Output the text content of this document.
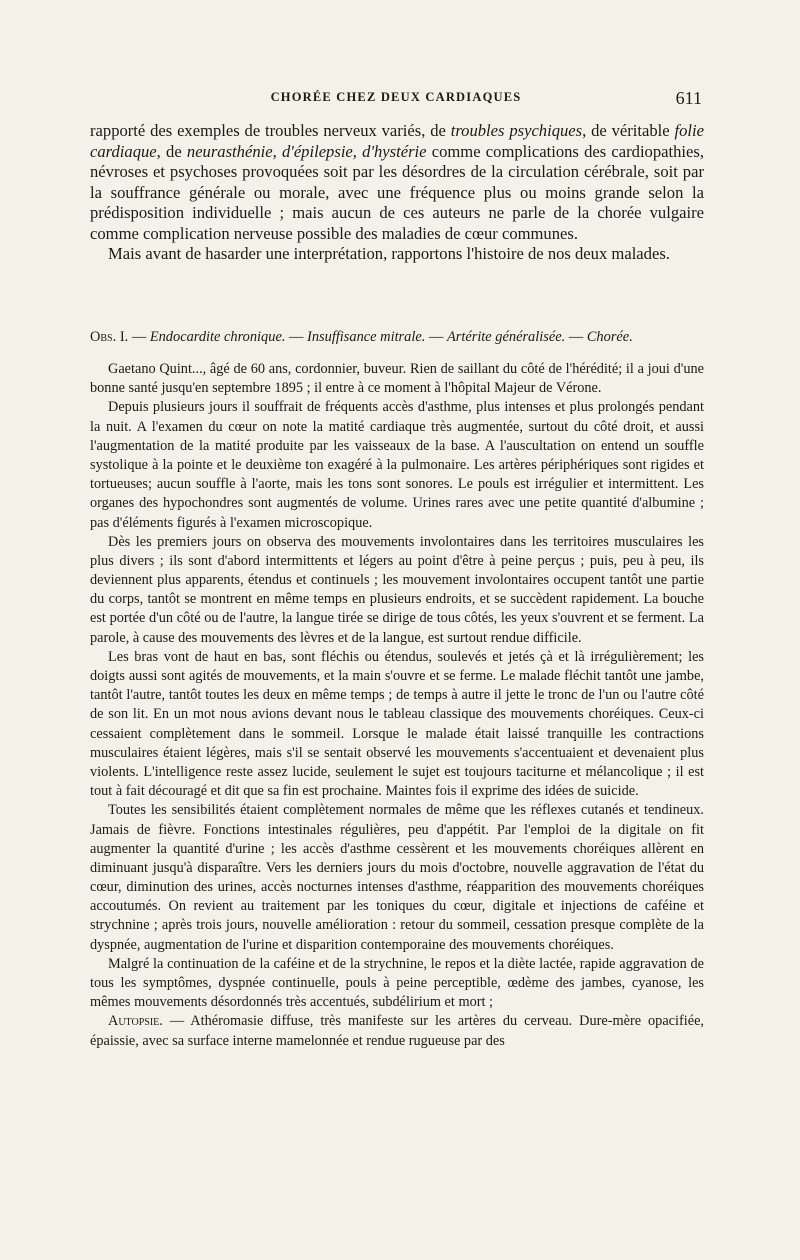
CHORÉE CHEZ DEUX CARDIAQUES	611

rapporté des exemples de troubles nerveux variés, de troubles psychiques, de véritable folie cardiaque, de neurasthénie, d'épilepsie, d'hystérie comme complications des cardiopathies, névroses et psychoses provoquées soit par les désordres de la circulation cérébrale, soit par la souffrance générale ou morale, avec une fréquence plus ou moins grande selon la prédisposition individuelle ; mais aucun de ces auteurs ne parle de la chorée vulgaire comme complication nerveuse possible des maladies de cœur communes.

Mais avant de hasarder une interprétation, rapportons l'histoire de nos deux malades.

Obs. I. — Endocardite chronique. — Insuffisance mitrale. — Artérite généralisée. — Chorée.

Gaetano Quint..., âgé de 60 ans, cordonnier, buveur. Rien de saillant du côté de l'hérédité; il a joui d'une bonne santé jusqu'en septembre 1895 ; il entre à ce moment à l'hôpital Majeur de Vérone.

Depuis plusieurs jours il souffrait de fréquents accès d'asthme, plus intenses et plus prolongés pendant la nuit. A l'examen du cœur on note la matité cardiaque très augmentée, surtout du côté droit, et aussi l'augmentation de la matité produite par les vaisseaux de la base. A l'auscultation on entend un souffle systolique à la pointe et le deuxième ton exagéré à la pulmonaire. Les artères périphériques sont rigides et tortueuses; aucun souffle à l'aorte, mais les tons sont sonores. Le pouls est irrégulier et intermittent. Les organes des hypochondres sont augmentés de volume. Urines rares avec une petite quantité d'albumine ; pas d'éléments figurés à l'examen microscopique.

Dès les premiers jours on observa des mouvements involontaires dans les territoires musculaires les plus divers ; ils sont d'abord intermittents et légers au point d'être à peine perçus ; puis, peu à peu, ils deviennent plus apparents, étendus et continuels ; les mouvement involontaires occupent tantôt une partie du corps, tantôt se montrent en même temps en plusieurs endroits, et se succèdent rapidement. La bouche est portée d'un côté ou de l'autre, la langue tirée se dirige de tous côtés, les yeux s'ouvrent et se ferment. La parole, à cause des mouvements des lèvres et de la langue, est surtout rendue difficile.

Les bras vont de haut en bas, sont fléchis ou étendus, soulevés et jetés çà et là irrégulièrement; les doigts aussi sont agités de mouvements, et la main s'ouvre et se ferme. Le malade fléchit tantôt une jambe, tantôt l'autre, tantôt toutes les deux en même temps ; de temps à autre il jette le tronc de l'un ou l'autre côté de son lit. En un mot nous avions devant nous le tableau classique des mouvements choréiques. Ceux-ci cessaient complètement dans le sommeil. Lorsque le malade était laissé tranquille les contractions musculaires étaient légères, mais s'il se sentait observé les mouvements s'accentuaient et devenaient plus violents. L'intelligence reste assez lucide, seulement le sujet est toujours taciturne et mélancolique ; il est tout à fait découragé et dit que sa fin est prochaine. Maintes fois il exprime des idées de suicide.

Toutes les sensibilités étaient complètement normales de même que les réflexes cutanés et tendineux. Jamais de fièvre. Fonctions intestinales régulières, peu d'appétit. Par l'emploi de la digitale on fit augmenter la quantité d'urine ; les accès d'asthme cessèrent et les mouvements choréiques allèrent en diminuant jusqu'à disparaître. Vers les derniers jours du mois d'octobre, nouvelle aggravation de l'état du cœur, diminution des urines, accès nocturnes intenses d'asthme, réapparition des mouvements choréiques accoutumés. On revient au traitement par les toniques du cœur, digitale et injections de caféine et strychnine ; après trois jours, nouvelle amélioration : retour du sommeil, cessation presque complète de la dyspnée, augmentation de l'urine et disparition contemporaine des mouvements choréiques.

Malgré la continuation de la caféine et de la strychnine, le repos et la diète lactée, rapide aggravation de tous les symptômes, dyspnée continuelle, pouls à peine perceptible, œdème des jambes, cyanose, les mêmes mouvements désordonnés très accentués, subdélirium et mort ;

Autopsie. — Athéromasie diffuse, très manifeste sur les artères du cerveau. Dure-mère opacifiée, épaissie, avec sa surface interne mamelonnée et rendue rugueuse par des
